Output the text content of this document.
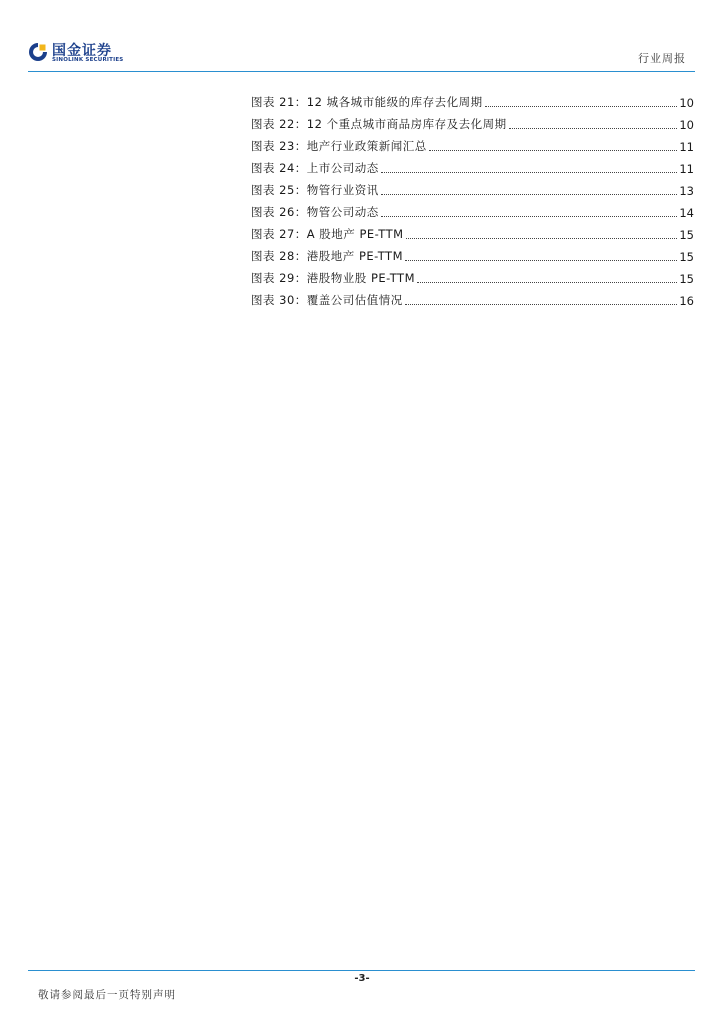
国金证券
SINOLINK SECURITIES	行业周报
图表 21：12 城各城市能级的库存去化周期	10
图表 22：12 个重点城市商品房库存及去化周期	10
图表 23：地产行业政策新闻汇总	11
图表 24：上市公司动态	11
图表 25：物管行业资讯	13
图表 26：物管公司动态	14
图表 27：A 股地产 PE-TTM	15
图表 28：港股地产 PE-TTM	15
图表 29：港股物业股 PE-TTM	15
图表 30：覆盖公司估值情况	16
-3-
敬请参阅最后一页特别声明
